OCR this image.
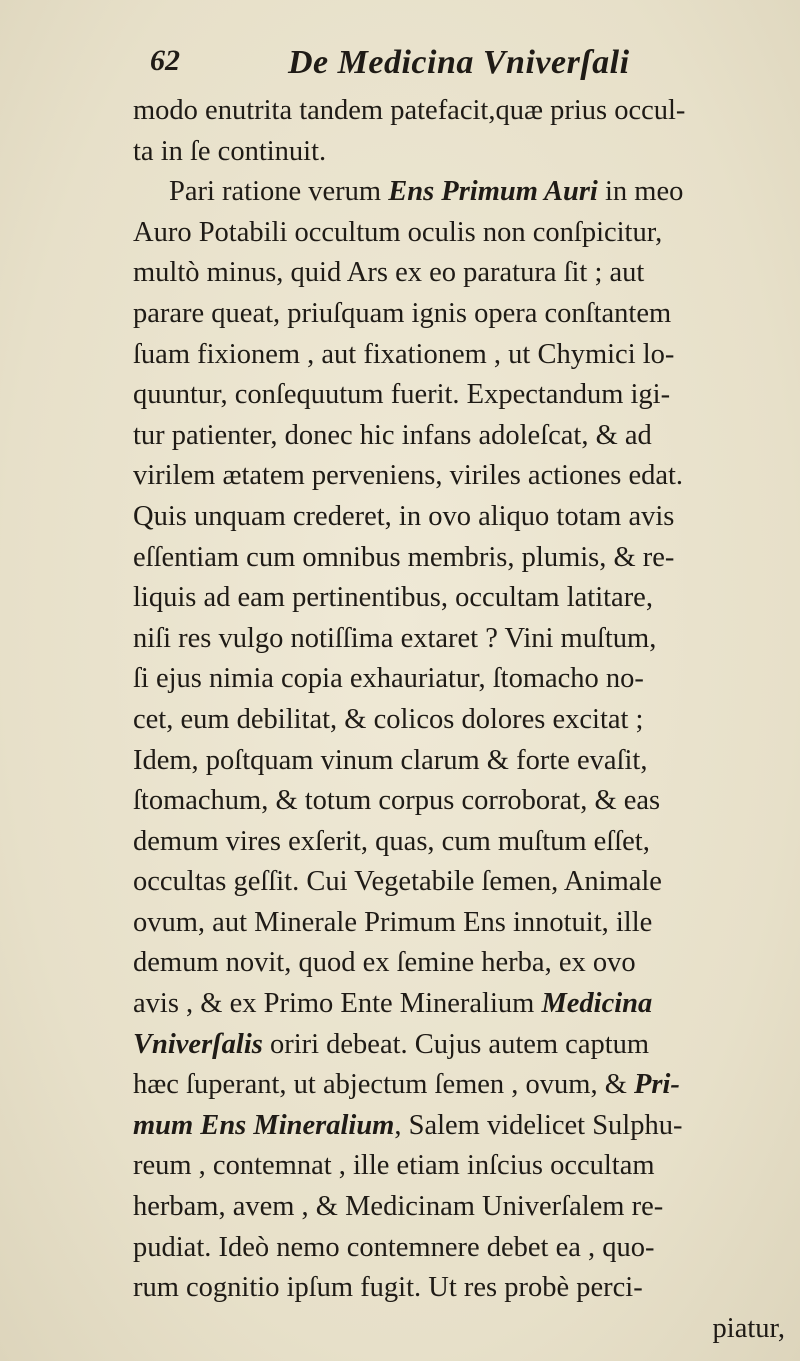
62	De Medicina Vniverſali
modo enutrita tandem patefacit,quæ prius occul-
ta in ſe continuit.
Pari ratione verum Ens Primum Auri in meo
Auro Potabili occultum oculis non conſpicitur,
multò minus, quid Ars ex eo paratura ſit ; aut
parare queat, priuſquam ignis opera conſtantem
ſuam fixionem , aut fixationem , ut Chymici lo-
quuntur, conſequutum fuerit. Expectandum igi-
tur patienter, donec hic infans adoleſcat, & ad
virilem ætatem perveniens, viriles actiones edat.
Quis unquam crederet, in ovo aliquo totam avis
eſſentiam cum omnibus membris, plumis, & re-
liquis ad eam pertinentibus, occultam latitare,
niſi res vulgo notiſſima extaret ? Vini muſtum,
ſi ejus nimia copia exhauriatur, ſtomacho no-
cet, eum debilitat, & colicos dolores excitat ;
Idem, poſtquam vinum clarum & forte evaſit,
ſtomachum, & totum corpus corroborat, & eas
demum vires exſerit, quas, cum muſtum eſſet,
occultas geſſit. Cui Vegetabile ſemen, Animale
ovum, aut Minerale Primum Ens innotuit, ille
demum novit, quod ex ſemine herba, ex ovo
avis , & ex Primo Ente Mineralium Medicina
Vniverſalis oriri debeat. Cujus autem captum
hæc ſuperant, ut abjectum ſemen , ovum, & Pri-
mum Ens Mineralium, Salem videlicet Sulphu-
reum , contemnat , ille etiam inſcius occultam
herbam, avem , & Medicinam Univerſalem re-
pudiat. Ideò nemo contemnere debet ea , quo-
rum cognitio ipſum fugit. Ut res probè perci-
piatur,
